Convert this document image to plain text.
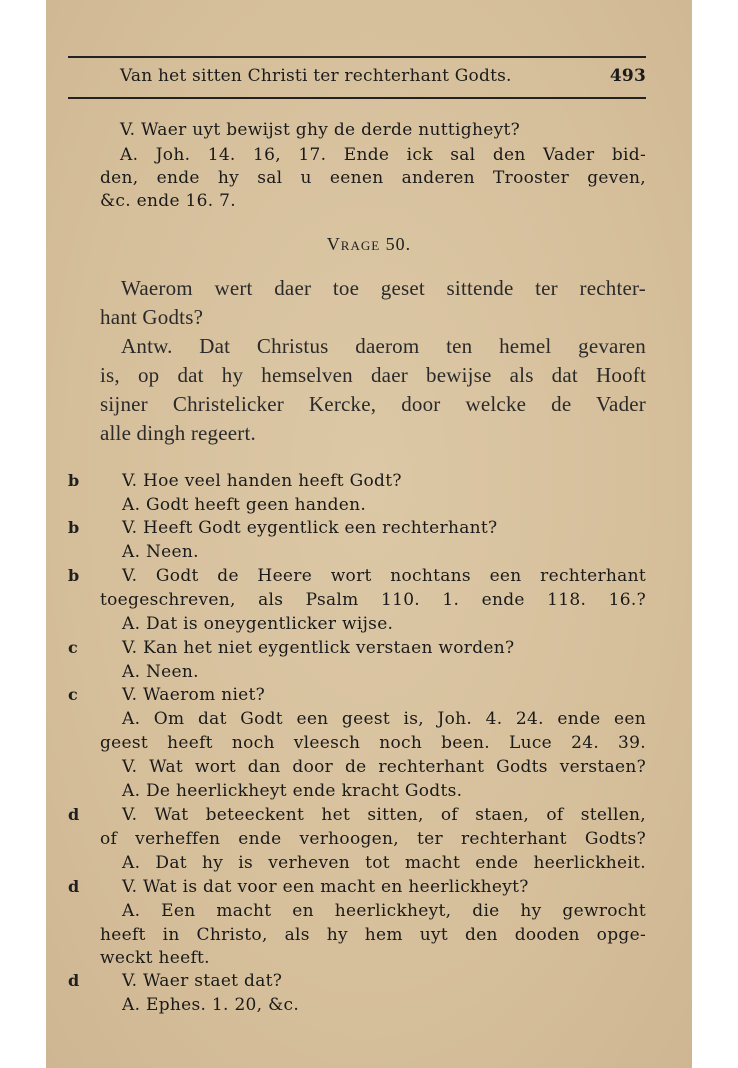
Van het sitten Christi ter rechterhant Godts.	493
V. Waer uyt bewijst ghy de derde nuttigheyt?
A. Joh. 14. 16, 17. Ende ick sal den Vader bid-
den, ende hy sal u eenen anderen Trooster geven,
&c. ende 16. 7.
Vrage 50.
Waerom wert daer toe geset sittende ter rechter-
hant Godts?
Antw. Dat Christus daerom ten hemel gevaren
is, op dat hy hemselven daer bewijse als dat Hooft
sijner Christelicker Kercke, door welcke de Vader
alle dingh regeert.
b	V. Hoe veel handen heeft Godt?
A. Godt heeft geen handen.
b	V. Heeft Godt eygentlick een rechterhant?
A. Neen.
b	V. Godt de Heere wort nochtans een rechterhant
toegeschreven, als Psalm 110. 1. ende 118. 16.?
A. Dat is oneygentlicker wijse.
c	V. Kan het niet eygentlick verstaen worden?
A. Neen.
c	V. Waerom niet?
A. Om dat Godt een geest is, Joh. 4. 24. ende een
geest heeft noch vleesch noch been. Luce 24. 39.
V. Wat wort dan door de rechterhant Godts verstaen?
A. De heerlickheyt ende kracht Godts.
d	V. Wat beteeckent het sitten, of staen, of stellen,
of verheffen ende verhoogen, ter rechterhant Godts?
A. Dat hy is verheven tot macht ende heerlickheit.
d	V. Wat is dat voor een macht en heerlickheyt?
A. Een macht en heerlickheyt, die hy gewrocht
heeft in Christo, als hy hem uyt den dooden opge-
weckt heeft.
d	V. Waer staet dat?
A. Ephes. 1. 20, &c.
